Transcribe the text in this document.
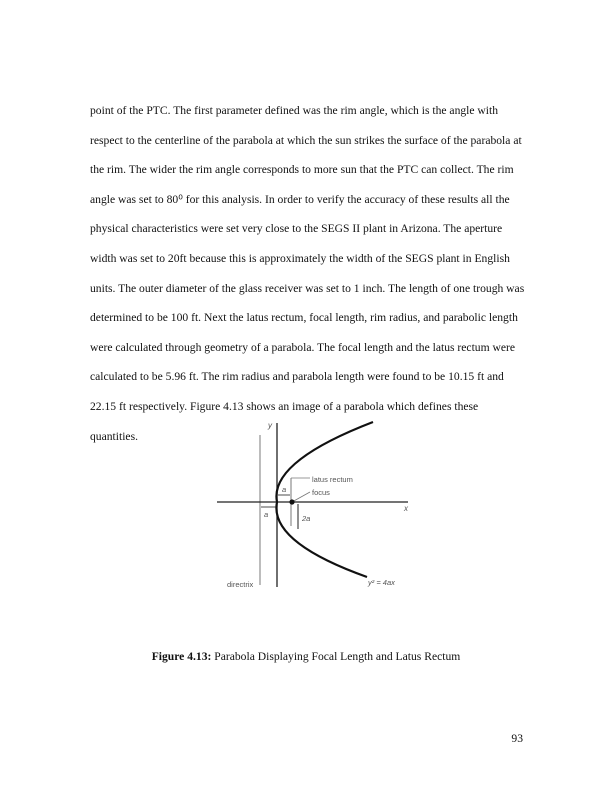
point of the PTC. The first parameter defined was the rim angle, which is the angle with
respect to the centerline of the parabola at which the sun strikes the surface of the parabola at
the rim. The wider the rim angle corresponds to more sun that the PTC can collect. The rim
angle was set to 80⁰ for this analysis. In order to verify the accuracy of these results all the
physical characteristics were set very close to the SEGS II plant in Arizona. The aperture
width was set to 20ft because this is approximately the width of the SEGS plant in English
units. The outer diameter of the glass receiver was set to 1 inch. The length of one trough was
determined to be 100 ft. Next the latus rectum, focal length, rim radius, and parabolic length
were calculated through geometry of a parabola. The focal length and the latus rectum were
calculated to be 5.96 ft. The rim radius and parabola length were found to be 10.15 ft and
22.15 ft respectively. Figure 4.13 shows an image of a parabola which defines these
quantities.
y
x
latus rectum
focus
a
a	2a
directrix	y² = 4ax
Figure 4.13: Parabola Displaying Focal Length and Latus Rectum
93
